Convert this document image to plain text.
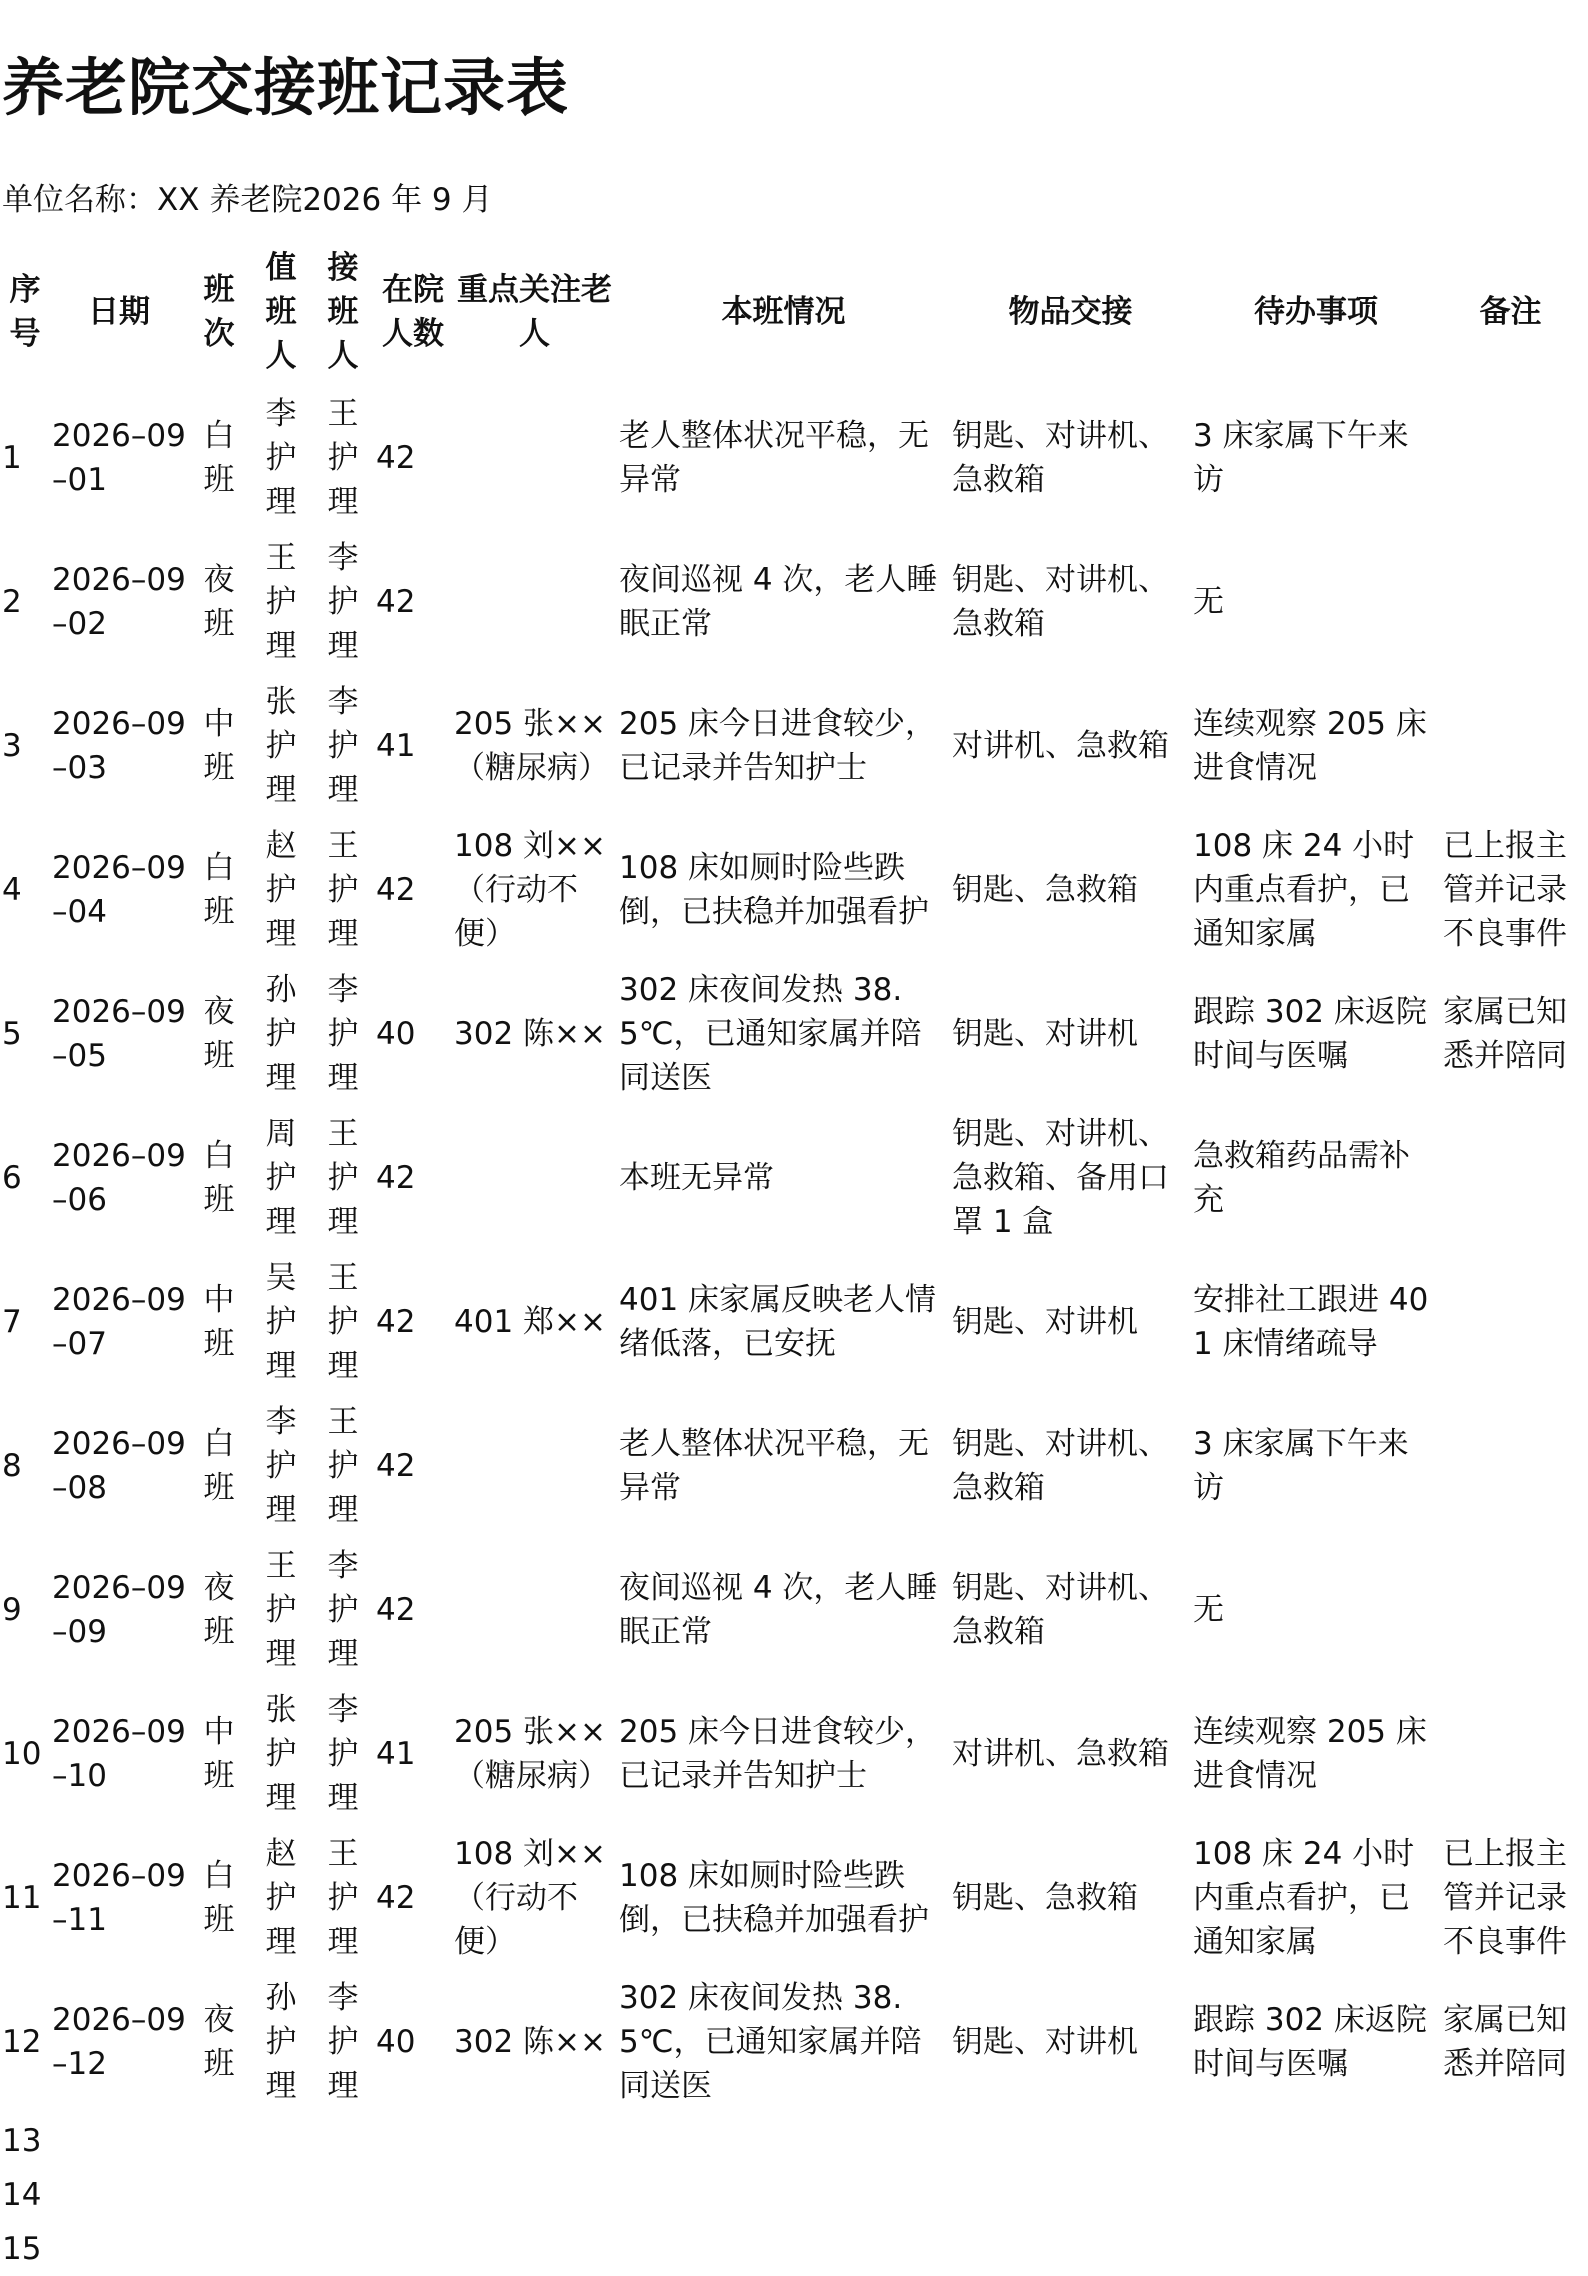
养老院交接班记录表
单位名称：XX 养老院2026 年 9 月
序号	日期	班次	值班人	接班人	在院人数	重点关注老人	本班情况	物品交接	待办事项	备注
1	2026–09–01	白班	李护理	王护理	42		老人整体状况平稳，无异常	钥匙、对讲机、急救箱	3 床家属下午来访	
2	2026–09–02	夜班	王护理	李护理	42		夜间巡视 4 次，老人睡眠正常	钥匙、对讲机、急救箱	无	
3	2026–09–03	中班	张护理	李护理	41	205 张××（糖尿病）	205 床今日进食较少，已记录并告知护士	对讲机、急救箱	连续观察 205 床进食情况	
4	2026–09–04	白班	赵护理	王护理	42	108 刘××（行动不便）	108 床如厕时险些跌倒，已扶稳并加强看护	钥匙、急救箱	108 床 24 小时内重点看护，已通知家属	已上报主管并记录不良事件
5	2026–09–05	夜班	孙护理	李护理	40	302 陈××	302 床夜间发热 38.5℃，已通知家属并陪同送医	钥匙、对讲机	跟踪 302 床返院时间与医嘱	家属已知悉并陪同
6	2026–09–06	白班	周护理	王护理	42		本班无异常	钥匙、对讲机、急救箱、备用口罩 1 盒	急救箱药品需补充	
7	2026–09–07	中班	吴护理	王护理	42	401 郑××	401 床家属反映老人情绪低落，已安抚	钥匙、对讲机	安排社工跟进 401 床情绪疏导	
8	2026–09–08	白班	李护理	王护理	42		老人整体状况平稳，无异常	钥匙、对讲机、急救箱	3 床家属下午来访	
9	2026–09–09	夜班	王护理	李护理	42		夜间巡视 4 次，老人睡眠正常	钥匙、对讲机、急救箱	无	
10	2026–09–10	中班	张护理	李护理	41	205 张××（糖尿病）	205 床今日进食较少，已记录并告知护士	对讲机、急救箱	连续观察 205 床进食情况	
11	2026–09–11	白班	赵护理	王护理	42	108 刘××（行动不便）	108 床如厕时险些跌倒，已扶稳并加强看护	钥匙、急救箱	108 床 24 小时内重点看护，已通知家属	已上报主管并记录不良事件
12	2026–09–12	夜班	孙护理	李护理	40	302 陈××	302 床夜间发热 38.5℃，已通知家属并陪同送医	钥匙、对讲机	跟踪 302 床返院时间与医嘱	家属已知悉并陪同
13										
14										
15										
